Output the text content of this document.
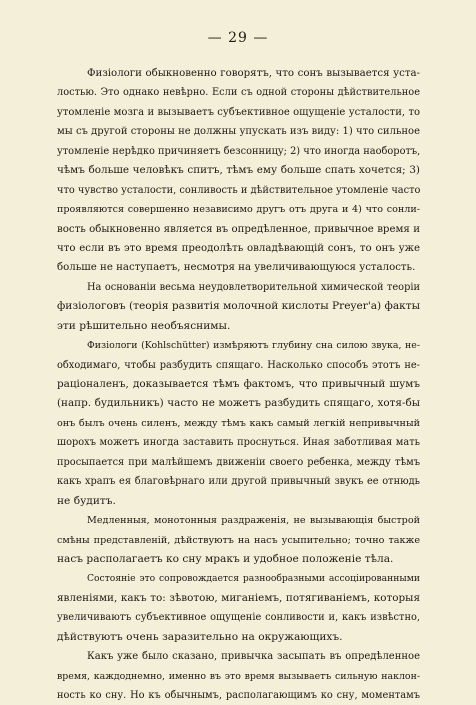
— 29 —
Физiологи обыкновенно говорятъ, что сонъ вызывается уста-
лостью. Это однако невѣрно. Если съ одной стороны дѣйствительное
утомленiе мозга и вызываетъ субъективное ощущенiе усталости, то
мы съ другой стороны не должны упускать изъ виду: 1) что сильное
утомленiе нерѣдко причиняетъ безсонницу; 2) что иногда наоборотъ,
чѣмъ больше человѣкъ спитъ, тѣмъ ему больше спать хочется; 3)
что чувство усталости, сонливость и дѣйствительное утомленiе часто
проявляются совершенно независимо другъ отъ друга и 4) что сонли-
вость обыкновенно является въ опредѣленное, привычное время и
что если въ это время преодолѣть овладѣвающiй сонъ, то онъ уже
больше не наступаетъ, несмотря на увеличивающуюся усталость.
На основанiи весьма неудовлетворительной химической теорiи
физiологовъ (теорiя развитiя молочной кислоты Preyer'a) факты
эти рѣшительно необъяснимы.
Физiологи (Kohlschütter) измѣряютъ глубину сна силою звука, не-
обходимаго, чтобы разбудить спящаго. Насколько способъ этотъ не-
рацiоналенъ, доказывается тѣмъ фактомъ, что привычный шумъ
(напр. будильникъ) часто не можетъ разбудить спящаго, хотя-бы
онъ былъ очень силенъ, между тѣмъ какъ самый легкiй непривычный
шорохъ можетъ иногда заставить проснуться. Иная заботливая мать
просыпается при малѣйшемъ движенiи своего ребенка, между тѣмъ
какъ храпъ ея благовѣрнаго или другой привычный звукъ ее отнюдь
не будитъ.
Медленныя, монотонныя раздраженiя, не вызывающiя быстрой
смѣны представленiй, дѣйствуютъ на насъ усыпительно; точно также
насъ располагаетъ ко сну мракъ и удобное положенiе тѣла.
Состоянiе это сопровождается разнообразными ассоцiированными
явленiями, какъ то: зѣвотою, миганiемъ, потягиванiемъ, которыя
увеличиваютъ субъективное ощущенiе сонливости и, какъ извѣстно,
дѣйствуютъ очень заразительно на окружающихъ.
Какъ уже было сказано, привычка засыпать въ опредѣленное
время, каждоднемно, именно въ это время вызываетъ сильную наклон-
ность ко сну. Но къ обычнымъ, располагающимъ ко сну, моментамъ
